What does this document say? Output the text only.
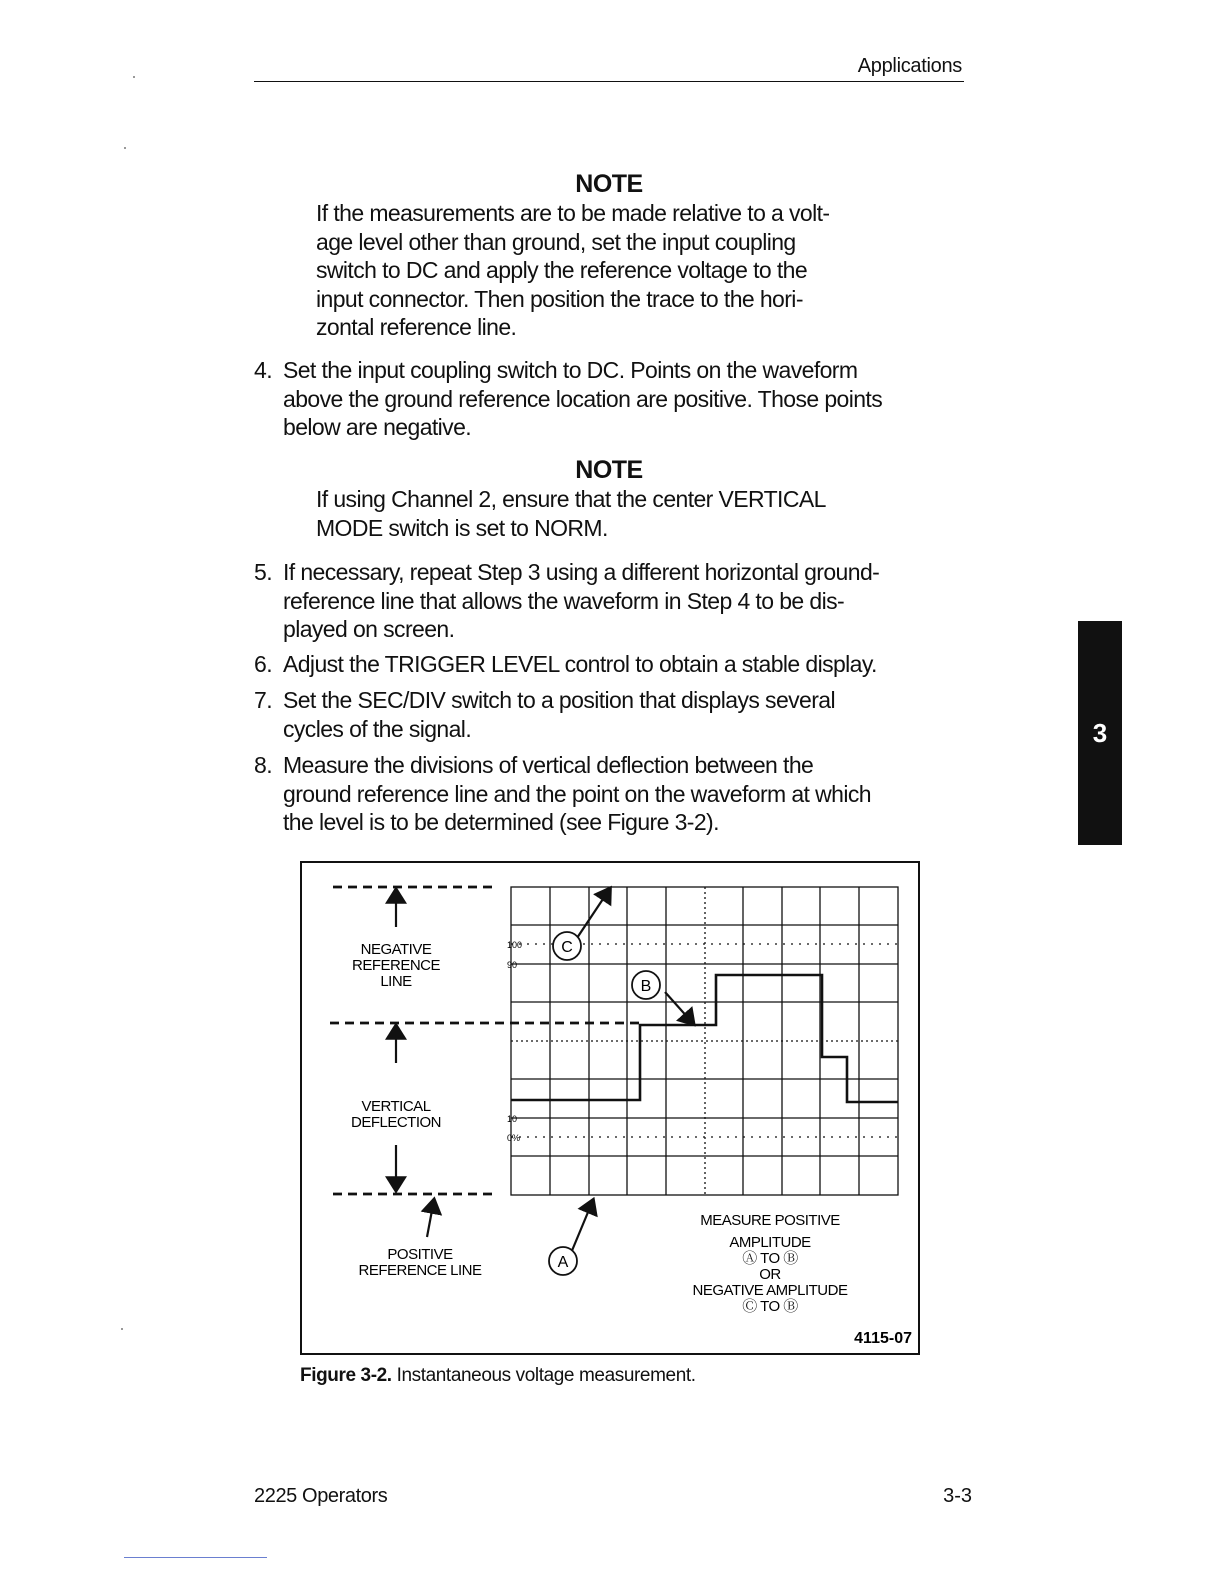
Applications
NOTE
If the measurements are to be made relative to a volt-
age level other than ground, set the input coupling
switch to DC and apply the reference voltage to the
input connector. Then position the trace to the hori-
zontal reference line.
4. Set the input coupling switch to DC. Points on the waveform
above the ground reference location are positive. Those points
below are negative.
NOTE
If using Channel 2, ensure that the center VERTICAL
MODE switch is set to NORM.
5. If necessary, repeat Step 3 using a different horizontal ground-
reference line that allows the waveform in Step 4 to be dis-
played on screen.
6. Adjust the TRIGGER LEVEL control to obtain a stable display.
7. Set the SEC/DIV switch to a position that displays several
cycles of the signal.
8. Measure the divisions of vertical deflection between the
ground reference line and the point on the waveform at which
the level is to be determined (see Figure 3-2).
3
C
B
A
100
90
10
0%
NEGATIVE
REFERENCE
LINE
VERTICAL
DEFLECTION
POSITIVE
REFERENCE LINE
MEASURE POSITIVE
AMPLITUDE
Ⓐ TO Ⓑ
OR
NEGATIVE AMPLITUDE
Ⓒ TO Ⓑ
4115-07
Figure 3-2. Instantaneous voltage measurement.
2225 Operators	3-3
